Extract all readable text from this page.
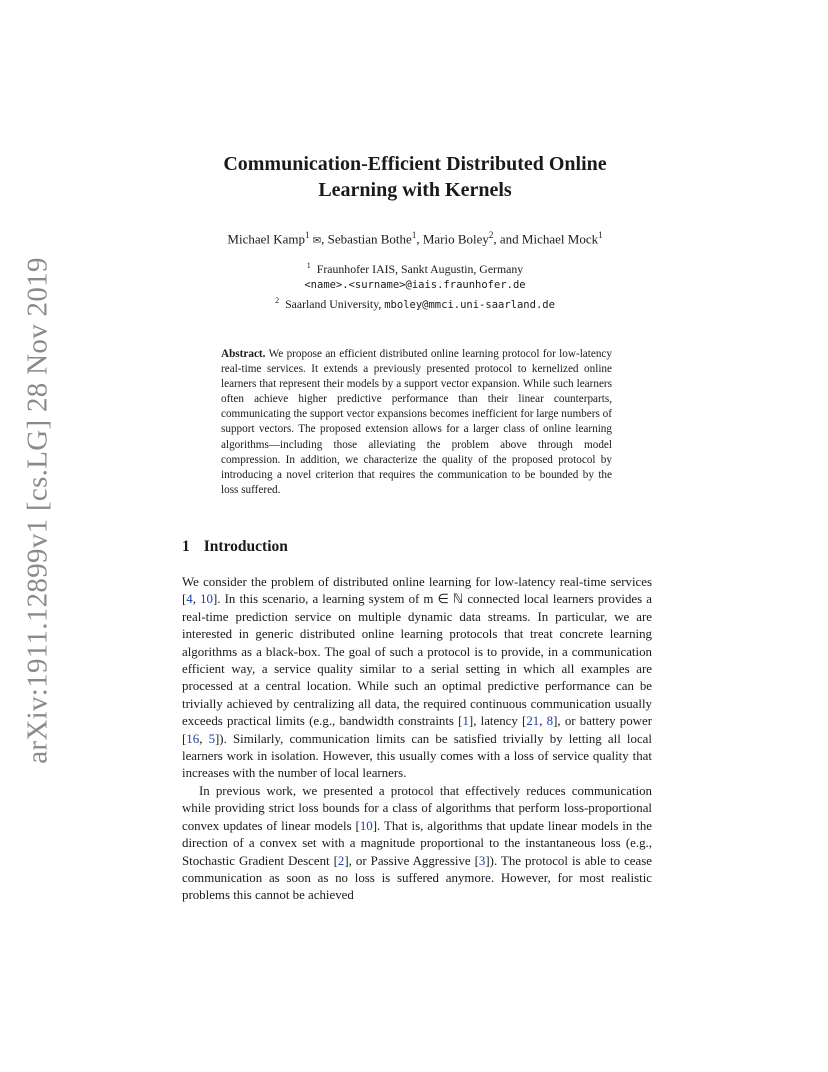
arXiv:1911.12899v1 [cs.LG] 28 Nov 2019
Communication-Efficient Distributed Online
Learning with Kernels
Michael Kamp$^1$ ✉, Sebastian Bothe$^1$, Mario Boley$^2$, and Michael Mock$^1$
$^1$ Fraunhofer IAIS, Sankt Augustin, Germany
<name>.<surname>@iais.fraunhofer.de
$^2$ Saarland University, mboley@mmci.uni-saarland.de
Abstract. We propose an efficient distributed online learning protocol for low-latency real-time services. It extends a previously presented protocol to kernelized online learners that represent their models by a support vector expansion. While such learners often achieve higher predictive performance than their linear counterparts, communicating the support vector expansions becomes inefficient for large numbers of support vectors. The proposed extension allows for a larger class of online learning algorithms—including those alleviating the problem above through model compression. In addition, we characterize the quality of the proposed protocol by introducing a novel criterion that requires the communication to be bounded by the loss suffered.
1 Introduction

We consider the problem of distributed online learning for low-latency real-time services [4, 10]. In this scenario, a learning system of m ∈ ℕ connected local learners provides a real-time prediction service on multiple dynamic data streams. In particular, we are interested in generic distributed online learning protocols that treat concrete learning algorithms as a black-box. The goal of such a protocol is to provide, in a communication efficient way, a service quality similar to a serial setting in which all examples are processed at a central location. While such an optimal predictive performance can be trivially achieved by centralizing all data, the required continuous communication usually exceeds practical limits (e.g., bandwidth constraints [1], latency [21, 8], or battery power [16, 5]). Similarly, communication limits can be satisfied trivially by letting all local learners work in isolation. However, this usually comes with a loss of service quality that increases with the number of local learners.

In previous work, we presented a protocol that effectively reduces communication while providing strict loss bounds for a class of algorithms that perform loss-proportional convex updates of linear models [10]. That is, algorithms that update linear models in the direction of a convex set with a magnitude proportional to the instantaneous loss (e.g., Stochastic Gradient Descent [2], or Passive Aggressive [3]). The protocol is able to cease communication as soon as no loss is suffered anymore. However, for most realistic problems this cannot be achieved
